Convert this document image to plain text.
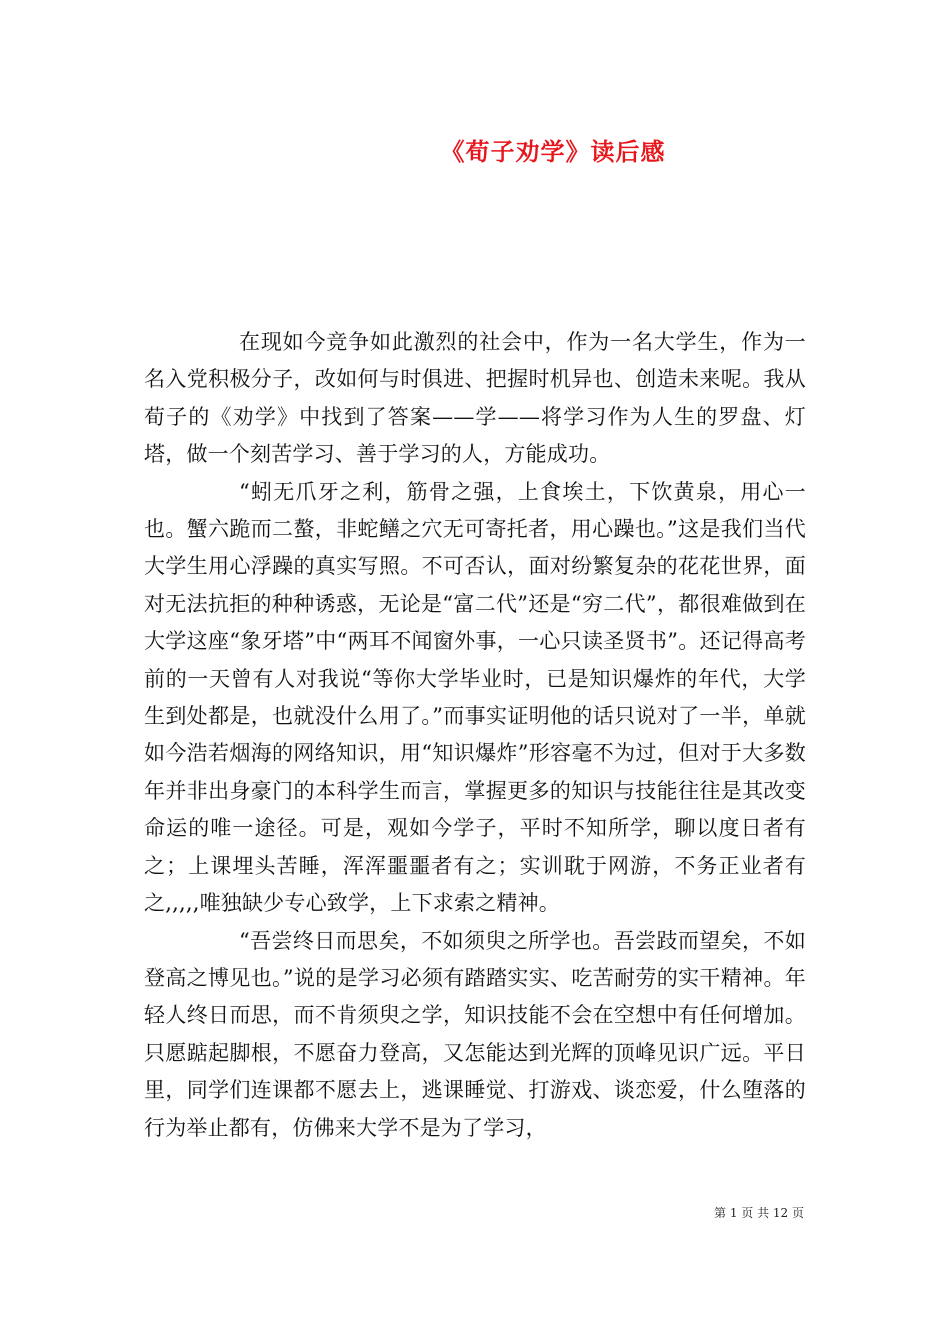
《荀子劝学》读后感

在现如今竞争如此激烈的社会中，作为一名大学生，作为一名入党积极分子，改如何与时俱进、把握时机异也、创造未来呢。我从荀子的《劝学》中找到了答案——学——将学习作为人生的罗盘、灯塔，做一个刻苦学习、善于学习的人，方能成功。

“蚓无爪牙之利，筋骨之强，上食埃土，下饮黄泉，用心一也。蟹六跪而二螯，非蛇鳝之穴无可寄托者，用心躁也。”这是我们当代大学生用心浮躁的真实写照。不可否认，面对纷繁复杂的花花世界，面对无法抗拒的种种诱惑，无论是“富二代”还是“穷二代”，都很难做到在大学这座“象牙塔”中“两耳不闻窗外事，一心只读圣贤书”。还记得高考前的一天曾有人对我说“等你大学毕业时，已是知识爆炸的年代，大学生到处都是，也就没什么用了。”而事实证明他的话只说对了一半，单就如今浩若烟海的网络知识，用“知识爆炸”形容毫不为过，但对于大多数年并非出身豪门的本科学生而言，掌握更多的知识与技能往往是其改变命运的唯一途径。可是，观如今学子，平时不知所学，聊以度日者有之；上课埋头苦睡，浑浑噩噩者有之；实训耽于网游，不务正业者有之,,,,,唯独缺少专心致学，上下求索之精神。

“吾尝终日而思矣，不如须臾之所学也。吾尝跂而望矣，不如登高之博见也。”说的是学习必须有踏踏实实、吃苦耐劳的实干精神。年轻人终日而思，而不肯须臾之学，知识技能不会在空想中有任何增加。只愿踮起脚根，不愿奋力登高，又怎能达到光辉的顶峰见识广远。平日里，同学们连课都不愿去上，逃课睡觉、打游戏、谈恋爱，什么堕落的行为举止都有，仿佛来大学不是为了学习，

第 1 页 共 12 页
